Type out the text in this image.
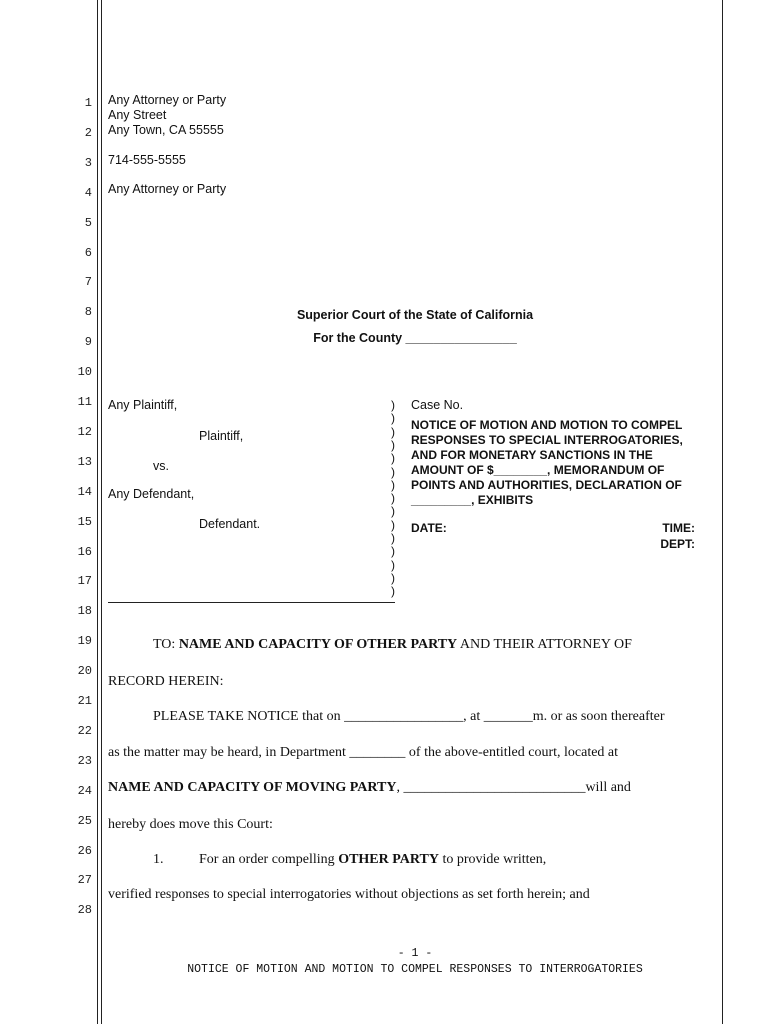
1
2
3
4
5
6
7
8
9
10
11
12
13
14
15
16
17
18
19
20
21
22
23
24
25
26
27
28
Any Attorney or Party
Any Street
Any Town, CA 55555
714-555-5555
Any Attorney or Party
Superior Court of the State of California
For the County ________________
Any Plaintiff,
Plaintiff,
vs.
Any Defendant,
Defendant.
)
)
)
)
)
)
)
)
)
)
)
)
)
)
)
Case No.
NOTICE OF MOTION AND MOTION TO COMPEL
RESPONSES TO SPECIAL INTERROGATORIES,
AND FOR MONETARY SANCTIONS IN THE
AMOUNT OF $________, MEMORANDUM OF
POINTS AND AUTHORITIES, DECLARATION OF
_________, EXHIBITS
DATE:	TIME:
DEPT:
TO: NAME AND CAPACITY OF OTHER PARTY AND THEIR ATTORNEY OF
RECORD HEREIN:
PLEASE TAKE NOTICE that on _________________, at _______m. or as soon thereafter
as the matter may be heard, in Department ________ of the above-entitled court, located at
NAME AND CAPACITY OF MOVING PARTY, __________________________will and
hereby does move this Court:
1.	For an order compelling OTHER PARTY to provide written,
verified responses to special interrogatories without objections as set forth herein; and
- 1 -
NOTICE OF MOTION AND MOTION TO COMPEL RESPONSES TO INTERROGATORIES
